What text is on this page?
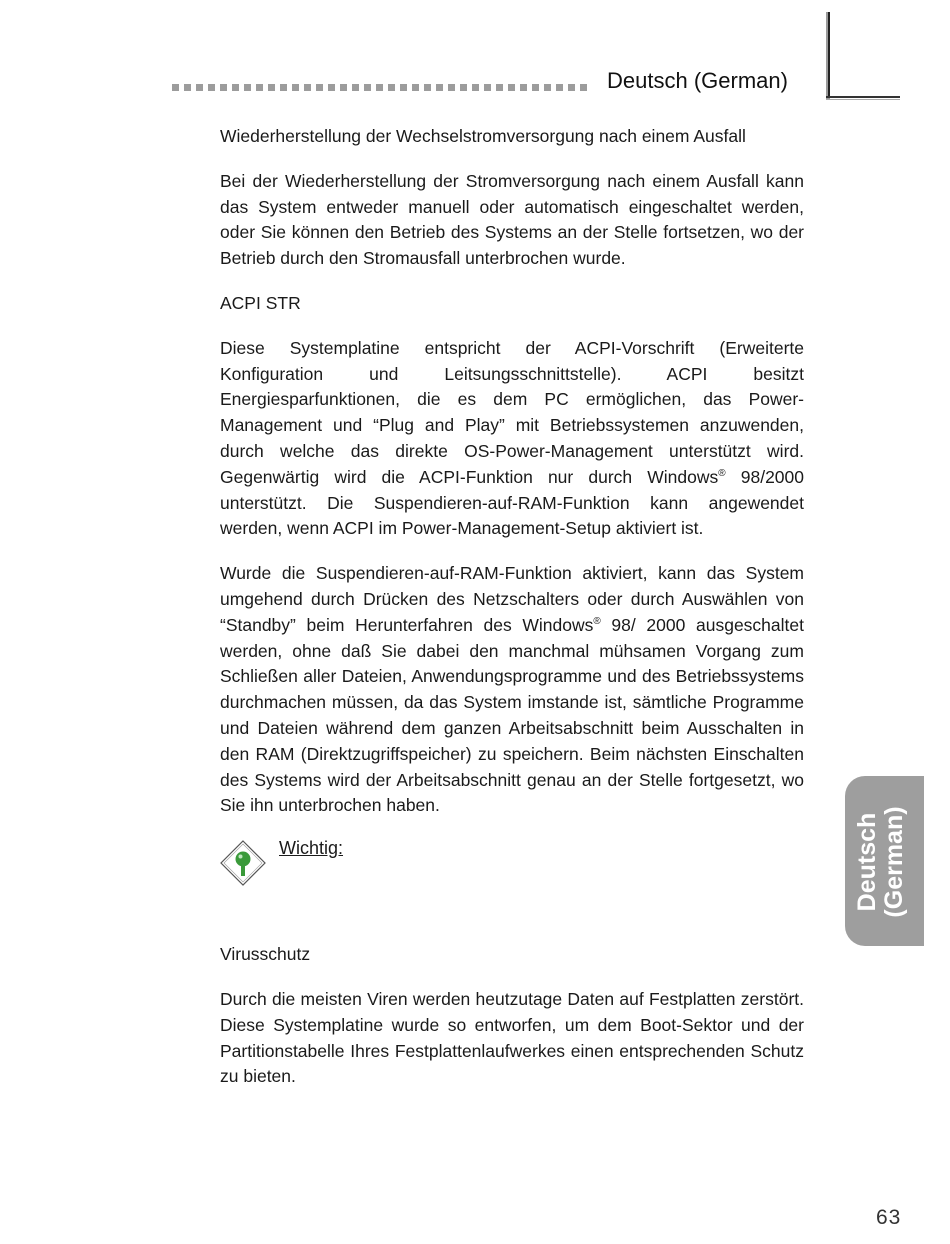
Deutsch (German)

Wiederherstellung der Wechselstromversorgung nach einem Ausfall

Bei der Wiederherstellung der Stromversorgung nach einem Ausfall kann das System entweder manuell oder automatisch eingeschaltet werden, oder Sie können den Betrieb des Systems an der Stelle fortsetzen, wo der Betrieb durch den Stromausfall unterbrochen wurde.

ACPI STR

Diese Systemplatine entspricht der ACPI-Vorschrift (Erweiterte Konfiguration und Leitsungsschnittstelle). ACPI besitzt Energiesparfunktionen, die es dem PC ermöglichen, das Power-Management und “Plug and Play” mit Betriebssystemen anzuwenden, durch welche das direkte OS-Power-Management unterstützt wird. Gegenwärtig wird die ACPI-Funktion nur durch Windows® 98/2000 unterstützt. Die Suspendieren-auf-RAM-Funktion kann angewendet werden, wenn ACPI im Power-Management-Setup aktiviert ist.

Wurde die Suspendieren-auf-RAM-Funktion aktiviert, kann das System umgehend durch Drücken des Netzschalters oder durch Auswählen von “Standby” beim Herunterfahren des Windows® 98/ 2000 ausgeschaltet werden, ohne daß Sie dabei den manchmal mühsamen Vorgang zum Schließen aller Dateien, Anwendungsprogramme und des Betriebssystems durchmachen müssen, da das System imstande ist, sämtliche Programme und Dateien während dem ganzen Arbeitsabschnitt beim Ausschalten in den RAM (Direktzugriffspeicher) zu speichern. Beim nächsten Einschalten des Systems wird der Arbeitsabschnitt genau an der Stelle fortgesetzt, wo Sie ihn unterbrochen haben.

Wichtig:

Virusschutz

Durch die meisten Viren werden heutzutage Daten auf Festplatten zerstört. Diese Systemplatine wurde so entworfen, um dem Boot-Sektor und der Partitionstabelle Ihres Festplattenlaufwerkes einen entsprechenden Schutz zu bieten.

Deutsch (German)
63
